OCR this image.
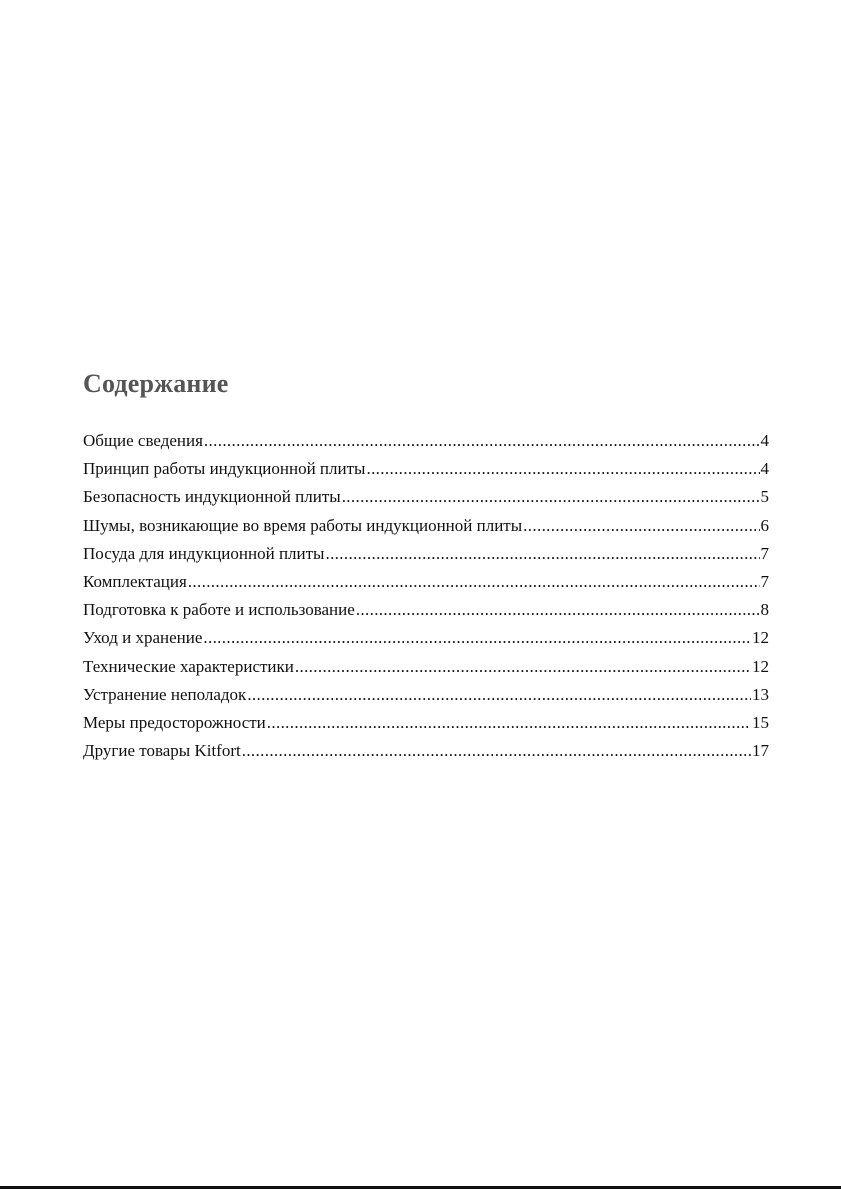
Содержание
Общие сведения .....	4
Принцип работы индукционной плиты .....	4
Безопасность индукционной плиты .....	5
Шумы, возникающие во время работы индукционной плиты .....	6
Посуда для индукционной плиты .....	7
Комплектация .....	7
Подготовка к работе и использование .....	8
Уход и хранение .....	12
Технические характеристики .....	12
Устранение неполадок .....	13
Меры предосторожности .....	15
Другие товары Kitfort .....	17
